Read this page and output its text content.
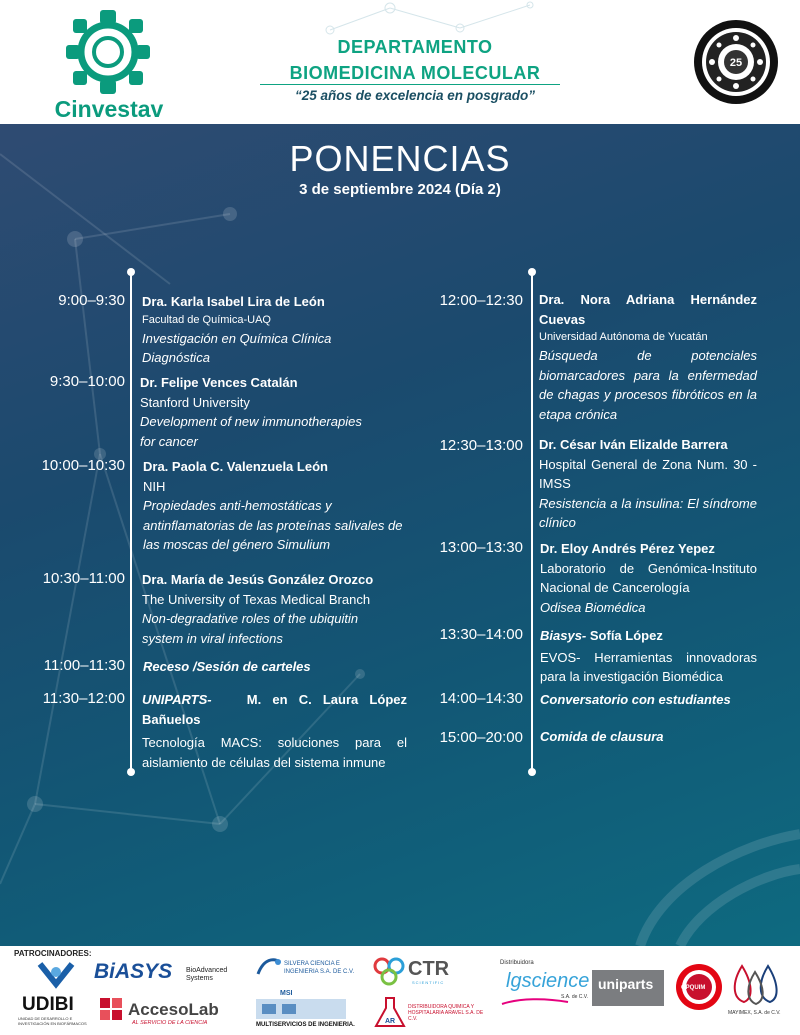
Cinvestav
DEPARTAMENTO
BIOMEDICINA MOLECULAR
“25 años de excelencia en posgrado”
25
PONENCIAS
3 de septiembre 2024 (Día 2)
9:00–9:30 Dra. Karla Isabel Lira de León
Facultad de Química-UAQ
Investigación en Química Clínica Diagnóstica
9:30–10:00 Dr. Felipe Vences Catalán
Stanford University
Development of new immunotherapies for cancer
10:00–10:30 Dra. Paola C. Valenzuela León
NIH
Propiedades anti-hemostáticas y antinflamatorias de las proteínas salivales de las moscas del género Simulium
10:30–11:00 Dra. María de Jesús González Orozco
The University of Texas Medical Branch
Non-degradative roles of the ubiquitin system in viral infections
11:00–11:30 Receso /Sesión de carteles
11:30–12:00 UNIPARTS-	M. en C. Laura López Bañuelos
Tecnología MACS: soluciones para el aislamiento de células del sistema inmune
12:00–12:30 Dra. Nora Adriana Hernández Cuevas
Universidad Autónoma de Yucatán
Búsqueda de potenciales biomarcadores para la enfermedad de chagas y procesos fibróticos en la etapa crónica
12:30–13:00 Dr. César Iván Elizalde Barrera
Hospital General de Zona Num. 30 -IMSS
Resistencia a la insulina: El síndrome clínico
13:00–13:30 Dr. Eloy Andrés Pérez Yepez
Laboratorio de Genómica-Instituto Nacional de Cancerología
Odisea Biomédica
13:30–14:00 Biasys- Sofía López
EVOS- Herramientas innovadoras para la investigación Biomédica
14:00–14:30 Conversatorio con estudiantes
15:00–20:00 Comida de clausura
PATROCINADORES:
UDIBI
UNIDAD DE DESARROLLO E INVESTIGACIÓN EN BIOFÁRMACOS
BiASYS BioAdvanced Systems
AccesoLab
AL SERVICIO DE LA CIENCIA
SILVERA CIENCIA E INGENIERIA S.A. DE C.V.
MSI
MULTISERVICIOS DE INGENIERIA.
CTR
SCIENTIFIC
AR
DISTRIBUIDORA QUIMICA Y HOSPITALARIA ARAVEL S.A. DE C.V.
Distribuidora
lgscience
S.A. de C.V.
uniparts	QPQUIM
MAYIMEX, S.A. de C.V.
